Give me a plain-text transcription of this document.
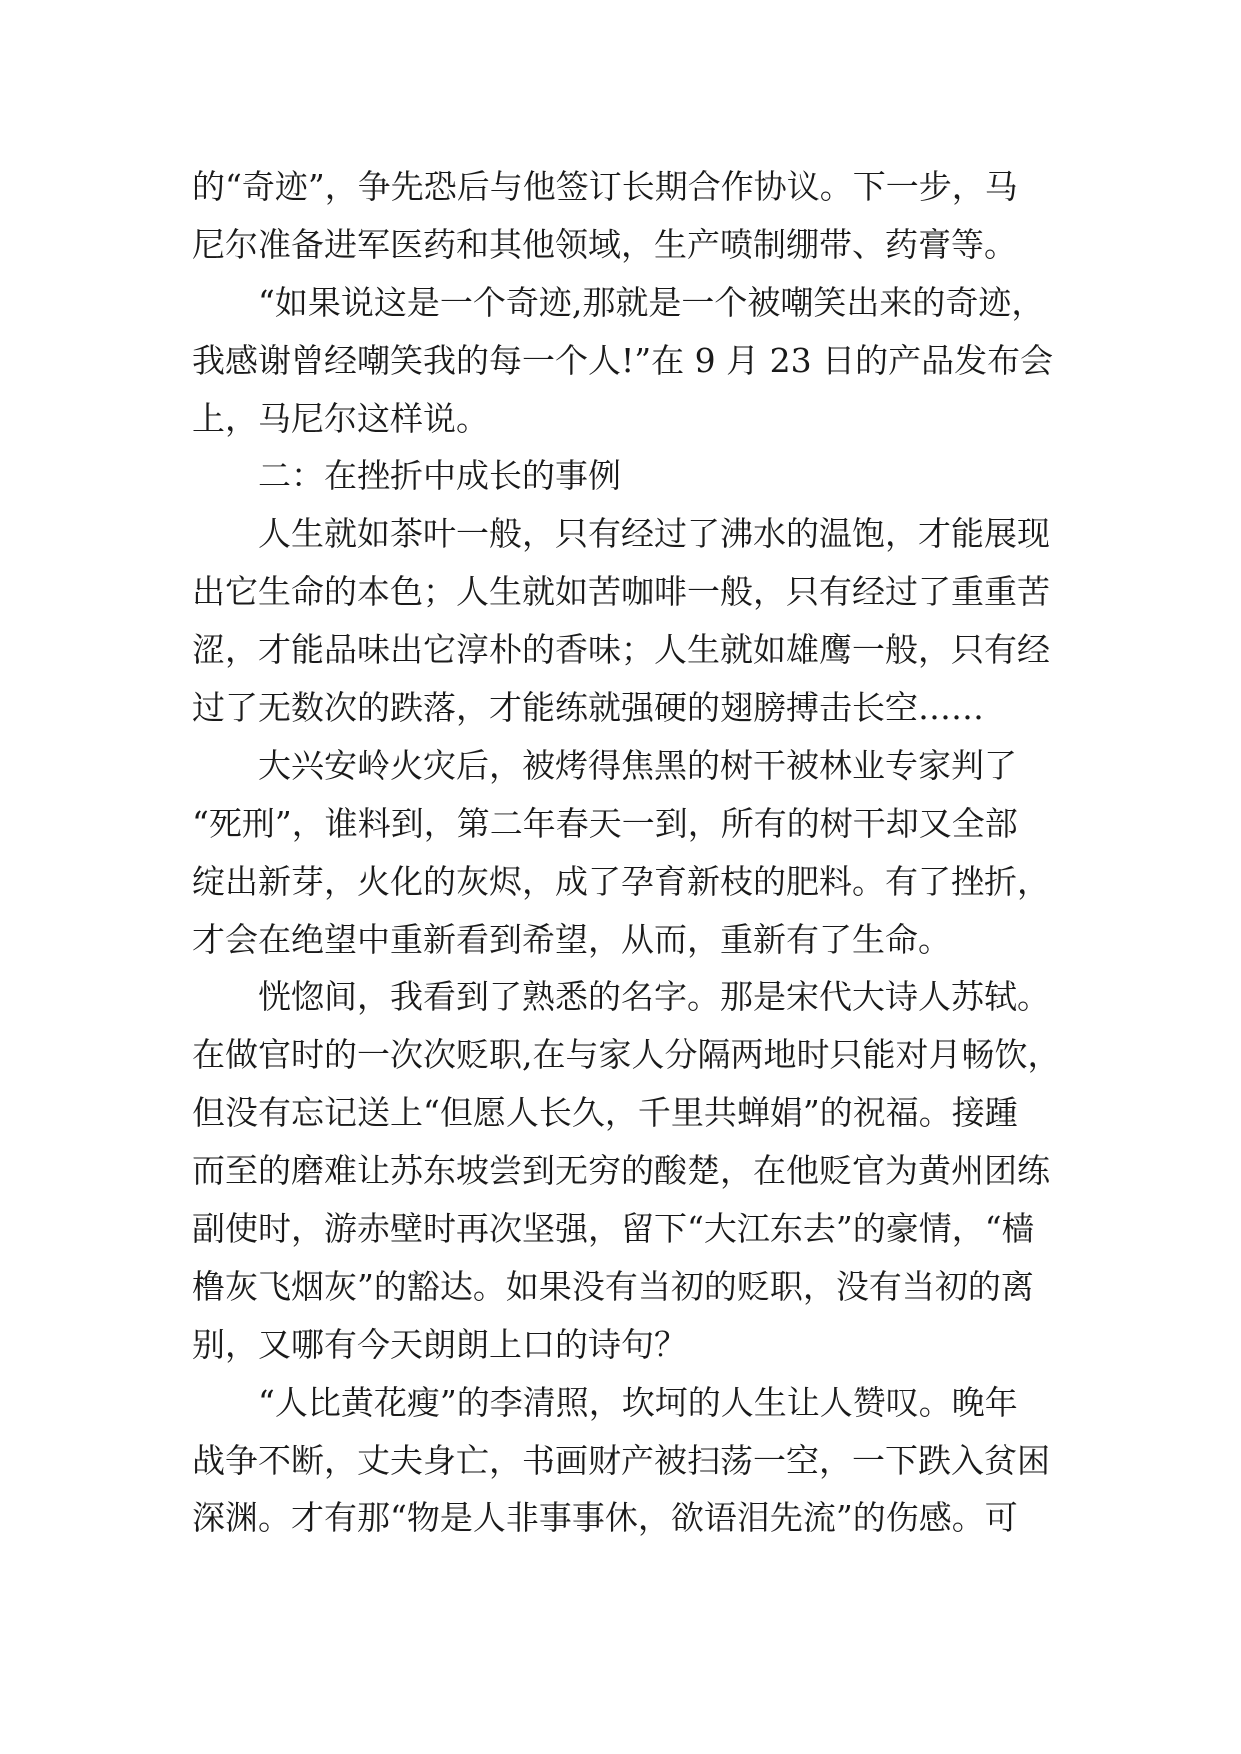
的“奇迹”，争先恐后与他签订长期合作协议。下一步，马
尼尔准备进军医药和其他领域，生产喷制绷带、药膏等。
　　“如果说这是一个奇迹,那就是一个被嘲笑出来的奇迹，
我感谢曾经嘲笑我的每一个人!”在 9 月 23 日的产品发布会
上，马尼尔这样说。
　　二：在挫折中成长的事例
　　人生就如茶叶一般，只有经过了沸水的温饱，才能展现
出它生命的本色；人生就如苦咖啡一般，只有经过了重重苦
涩，才能品味出它淳朴的香味；人生就如雄鹰一般，只有经
过了无数次的跌落，才能练就强硬的翅膀搏击长空……
　　大兴安岭火灾后，被烤得焦黑的树干被林业专家判了
“死刑”，谁料到，第二年春天一到，所有的树干却又全部
绽出新芽，火化的灰烬，成了孕育新枝的肥料。有了挫折，
才会在绝望中重新看到希望，从而，重新有了生命。
　　恍惚间，我看到了熟悉的名字。那是宋代大诗人苏轼。
在做官时的一次次贬职,在与家人分隔两地时只能对月畅饮，
但没有忘记送上“但愿人长久，千里共蝉娟”的祝福。接踵
而至的磨难让苏东坡尝到无穷的酸楚，在他贬官为黄州团练
副使时，游赤壁时再次坚强，留下“大江东去”的豪情，“樯
橹灰飞烟灰”的豁达。如果没有当初的贬职，没有当初的离
别，又哪有今天朗朗上口的诗句？
　　“人比黄花瘦”的李清照，坎坷的人生让人赞叹。晚年
战争不断，丈夫身亡，书画财产被扫荡一空，一下跌入贫困
深渊。才有那“物是人非事事休，欲语泪先流”的伤感。可
